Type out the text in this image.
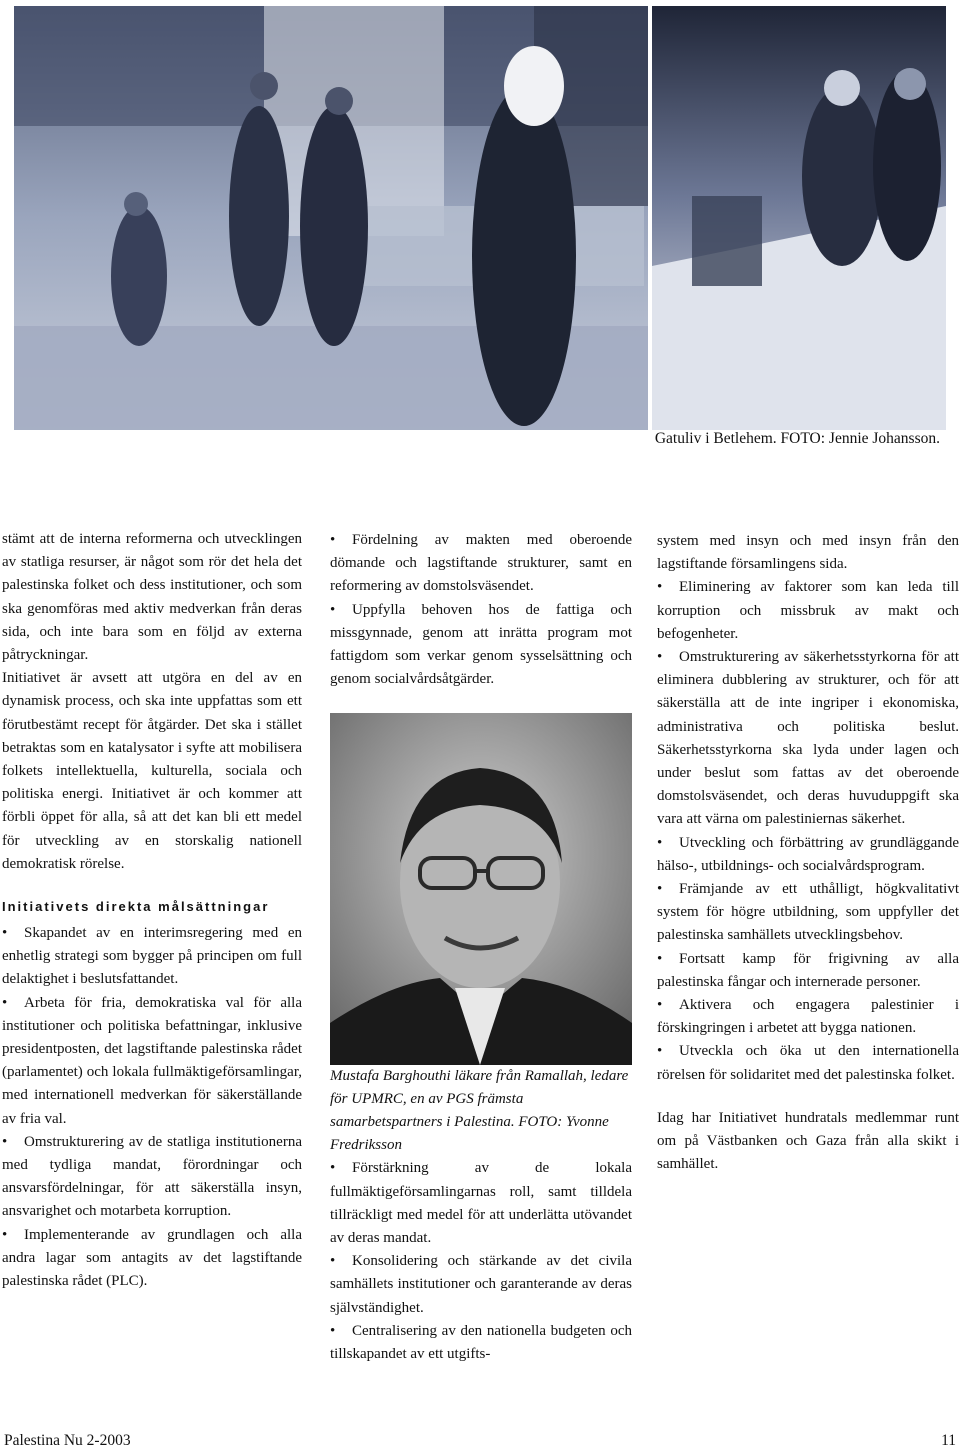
Gatuliv i Betlehem. FOTO: Jennie Johansson.

stämt att de interna reformerna och utvecklingen av statliga resurser, är något som rör det hela det palestinska folket och dess institutioner, och som ska genomföras med aktiv medverkan från deras sida, och inte bara som en följd av externa påtryckningar.

Initiativet är avsett att utgöra en del av en dynamisk process, och ska inte uppfattas som ett förutbestämt recept för åtgärder. Det ska i stället betraktas som en katalysator i syfte att mobilisera folkets intellektuella, kulturella, sociala och politiska energi. Initiativet är och kommer att förbli öppet för alla, så att det kan bli ett medel för utveckling av en storskalig nationell demokratisk rörelse.

Initiativets direkta målsättningar

• Skapandet av en interimsregering med en enhetlig strategi som bygger på principen om full delaktighet i beslutsfattandet.

• Arbeta för fria, demokratiska val för alla institutioner och politiska befattningar, inklusive presidentposten, det lagstiftande palestinska rådet (parlamentet) och lokala fullmäktigeförsamlingar, med internationell medverkan för säkerställande av fria val.

• Omstrukturering av de statliga institutionerna med tydliga mandat, förordningar och ansvarsfördelningar, för att säkerställa insyn, ansvarighet och motarbeta korruption.

• Implementerande av grundlagen och alla andra lagar som antagits av det lagstiftande palestinska rådet (PLC).

• Fördelning av makten med oberoende dömande och lagstiftande strukturer, samt en reformering av domstolsväsendet.

• Uppfylla behoven hos de fattiga och missgynnade, genom att inrätta program mot fattigdom som verkar genom sysselsättning och genom socialvårdsåtgärder.

Mustafa Barghouthi läkare från Ramallah, ledare för UPMRC, en av PGS främsta samarbetspartners i Palestina. FOTO: Yvonne Fredriksson

• Förstärkning av de lokala fullmäktigeförsamlingarnas roll, samt tilldela tillräckligt med medel för att underlätta utövandet av deras mandat.

• Konsolidering och stärkande av det civila samhällets institutioner och garanterande av deras självständighet.

• Centralisering av den nationella budgeten och tillskapandet av ett utgifts-

system med insyn och med insyn från den lagstiftande församlingens sida.

• Eliminering av faktorer som kan leda till korruption och missbruk av makt och befogenheter.

• Omstrukturering av säkerhetsstyrkorna för att eliminera dubblering av strukturer, och för att säkerställa att de inte ingriper i ekonomiska, administrativa och politiska beslut. Säkerhetsstyrkorna ska lyda under lagen och under beslut som fattas av det oberoende domstolsväsendet, och deras huvuduppgift ska vara att värna om palestiniernas säkerhet.

• Utveckling och förbättring av grundläggande hälso-, utbildnings- och socialvårdsprogram.

• Främjande av ett uthålligt, högkvalitativt system för högre utbildning, som uppfyller det palestinska samhällets utvecklingsbehov.

• Fortsatt kamp för frigivning av alla palestinska fångar och internerade personer.

• Aktivera och engagera palestinier i förskingringen i arbetet att bygga nationen.

• Utveckla och öka ut den internationella rörelsen för solidaritet med det palestinska folket.

Idag har Initiativet hundratals medlemmar runt om på Västbanken och Gaza från alla skikt i samhället.

Palestina Nu 2-2003	11
